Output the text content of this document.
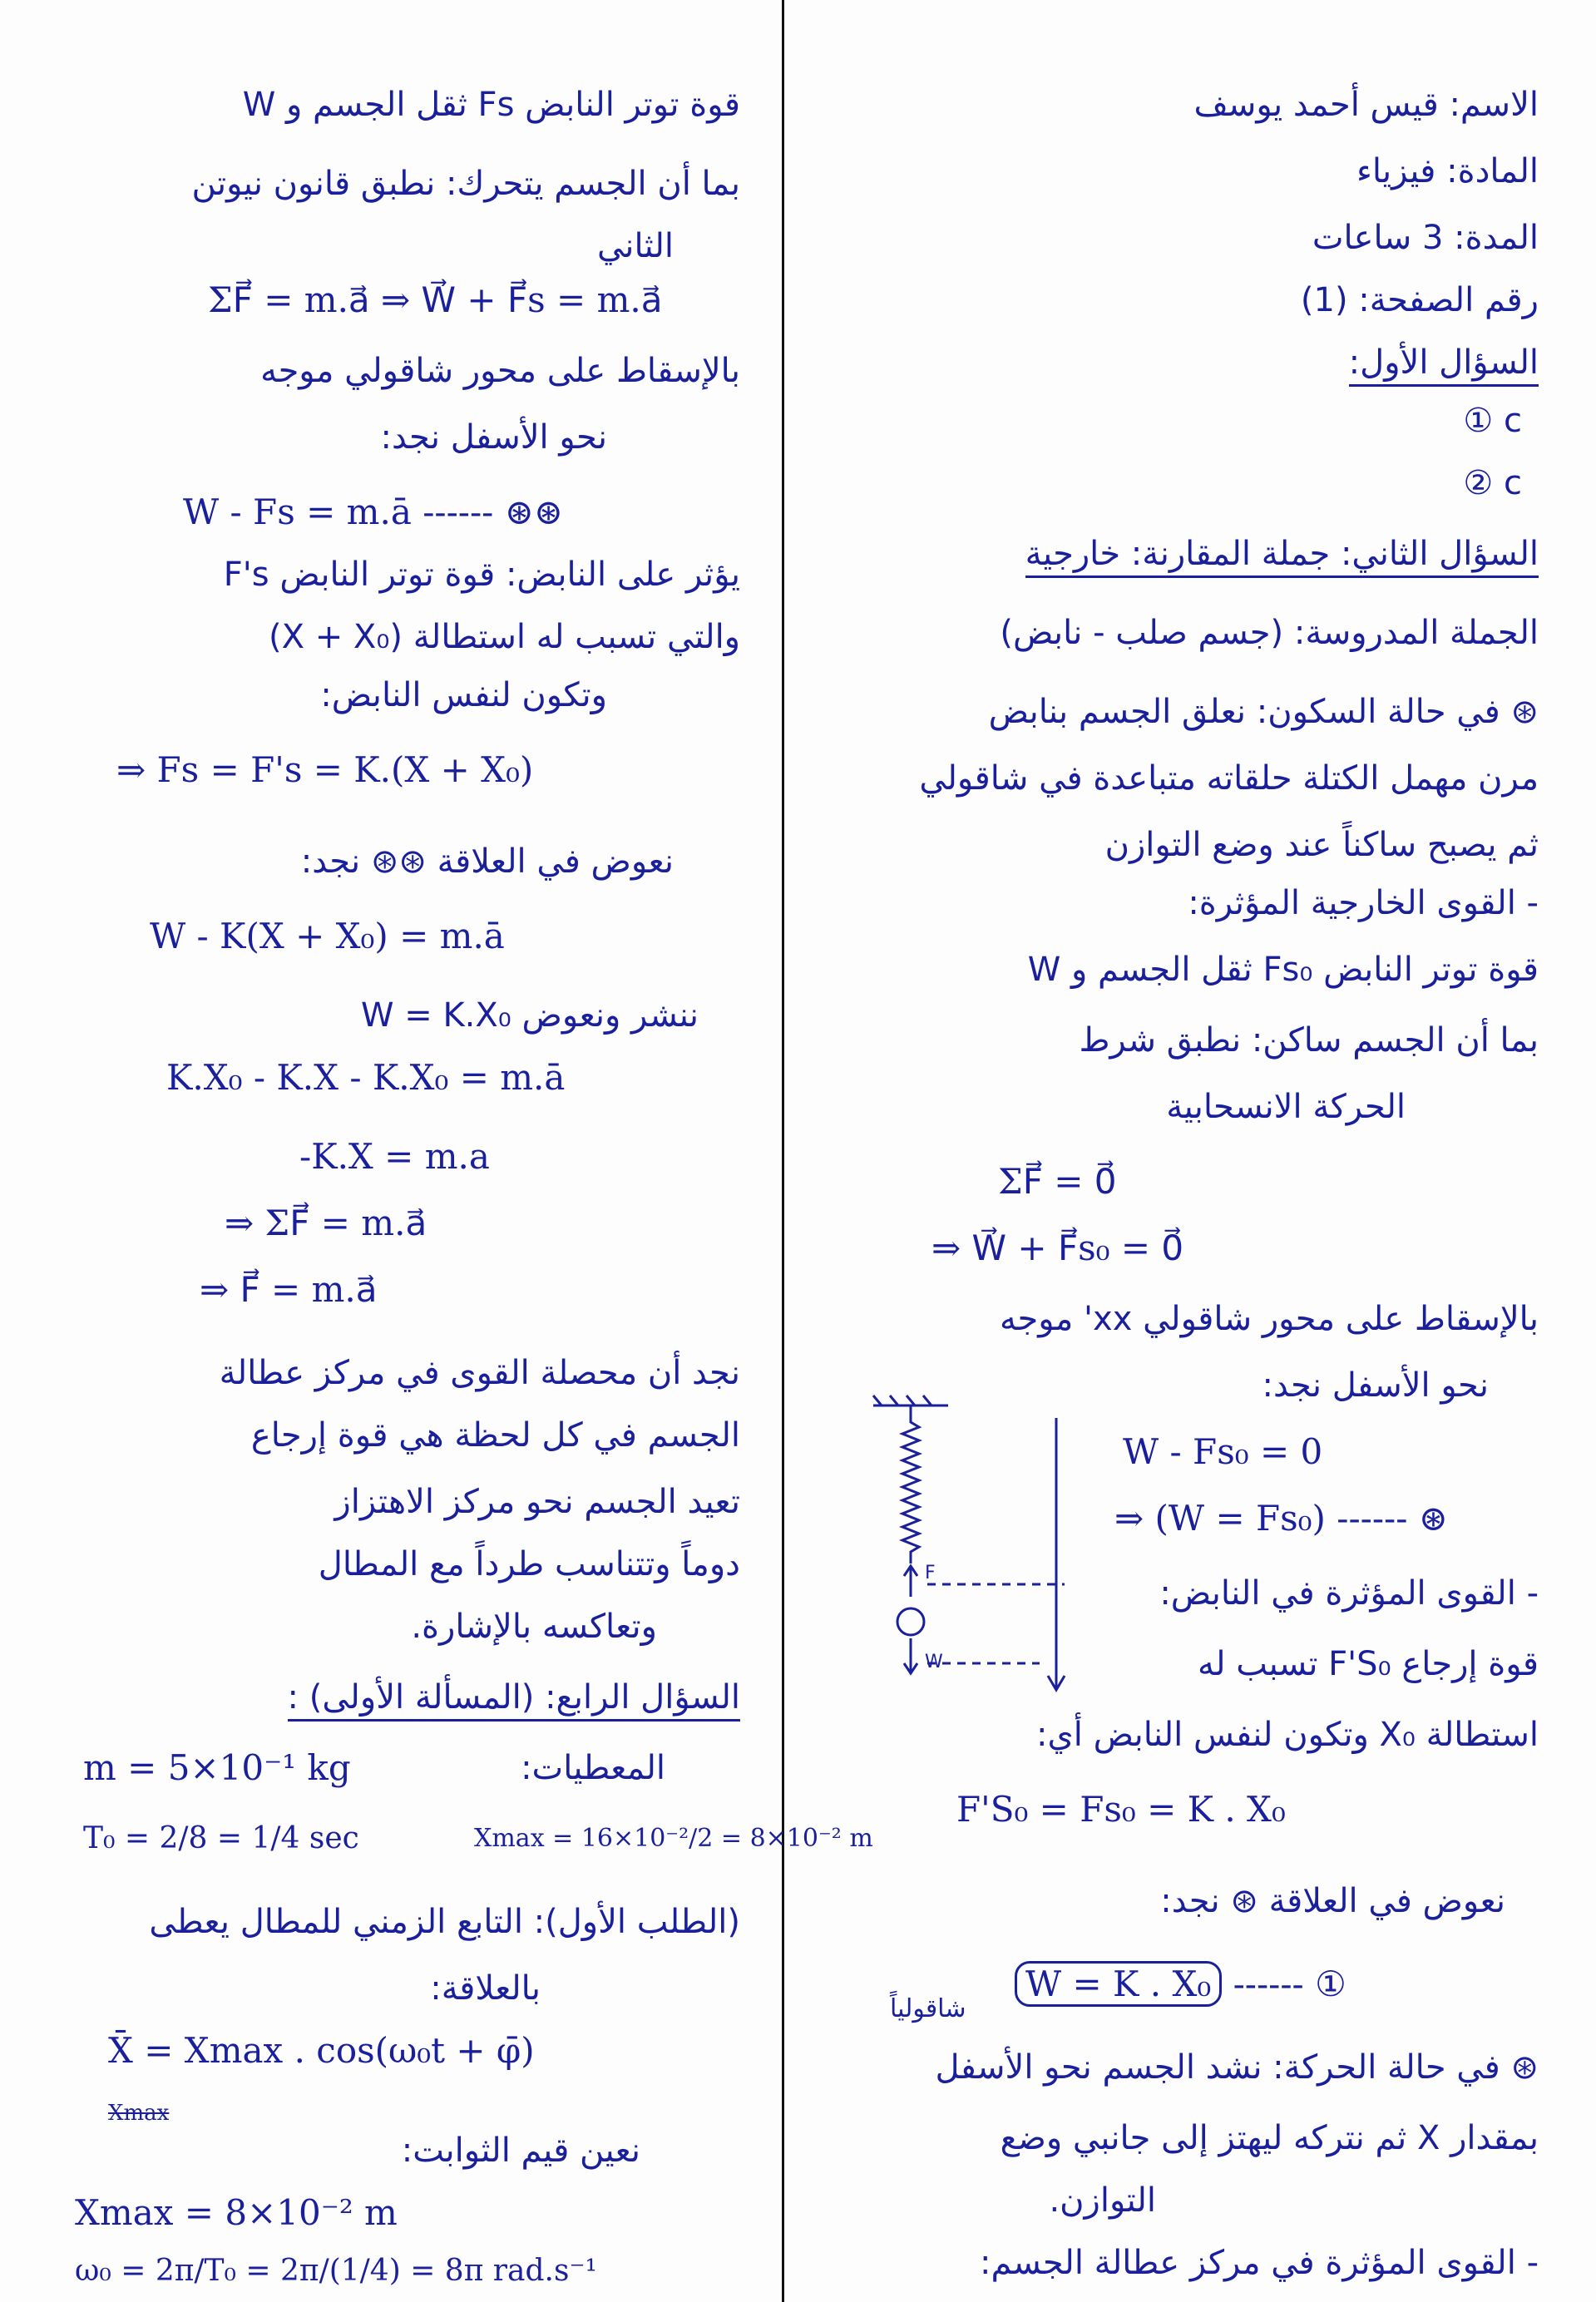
الاسم: قيس أحمد يوسف
المادة: فيزياء
المدة: 3 ساعات
رقم الصفحة: (1)
السؤال الأول:
① c
② c
السؤال الثاني: جملة المقارنة: خارجية
الجملة المدروسة: (جسم صلب - نابض)
⊛ في حالة السكون: نعلق الجسم بنابض
مرن مهمل الكتلة حلقاته متباعدة في شاقولي
ثم يصبح ساكناً عند وضع التوازن
- القوى الخارجية المؤثرة:
W ثقل الجسم و Fs₀ قوة توتر النابض
بما أن الجسم ساكن: نطبق شرط
الحركة الانسحابية
ΣF⃗ = 0⃗
⇒ W⃗ + F⃗s₀ = 0⃗
بالإسقاط على محور شاقولي xx' موجه
نحو الأسفل نجد:
W - Fs₀ = 0
⇒ (W = Fs₀) ------ ⊛
- القوى المؤثرة في النابض:
قوة إرجاع F'S₀ تسبب له
استطالة X₀ وتكون لنفس النابض أي:
F'S₀ = Fs₀ = K . X₀
نعوض في العلاقة ⊛ نجد:
W = K . X₀ ------ ①
شاقولياً
⊛ في حالة الحركة: نشد الجسم نحو الأسفل
بمقدار X ثم نتركه ليهتز إلى جانبي وضع
التوازن.
- القوى المؤثرة في مركز عطالة الجسم:
F
W
W ثقل الجسم و Fs قوة توتر النابض
بما أن الجسم يتحرك: نطبق قانون نيوتن
الثاني
ΣF⃗ = m.a⃗ ⇒ W⃗ + F⃗s = m.a⃗
بالإسقاط على محور شاقولي موجه
نحو الأسفل نجد:
W - Fs = m.ā ------ ⊛⊛
يؤثر على النابض: قوة توتر النابض F's
والتي تسبب له استطالة (X + X₀)
وتكون لنفس النابض:
⇒ Fs = F's = K.(X + X₀)
نعوض في العلاقة ⊛⊛ نجد:
W - K(X + X₀) = m.ā
ننشر ونعوض W = K.X₀
K.X₀ - K.X - K.X₀ = m.ā
-K.X = m.a
⇒ ΣF⃗ = m.a⃗
⇒ F⃗ = m.a⃗
نجد أن محصلة القوى في مركز عطالة
الجسم في كل لحظة هي قوة إرجاع
تعيد الجسم نحو مركز الاهتزاز
دوماً وتتناسب طرداً مع المطال
وتعاكسه بالإشارة.
السؤال الرابع: (المسألة الأولى) :
المعطيات:
m = 5×10⁻¹ kg
T₀ = 2/8 = 1/4 sec	Xmax = 16×10⁻²/2 = 8×10⁻² m
(الطلب الأول): التابع الزمني للمطال يعطى
بالعلاقة:
X̄ = Xmax . cos(ω₀t + φ̄)
Xmax
نعين قيم الثوابت:
Xmax = 8×10⁻² m
ω₀ = 2π/T₀ = 2π/(1/4) = 8π rad.s⁻¹
